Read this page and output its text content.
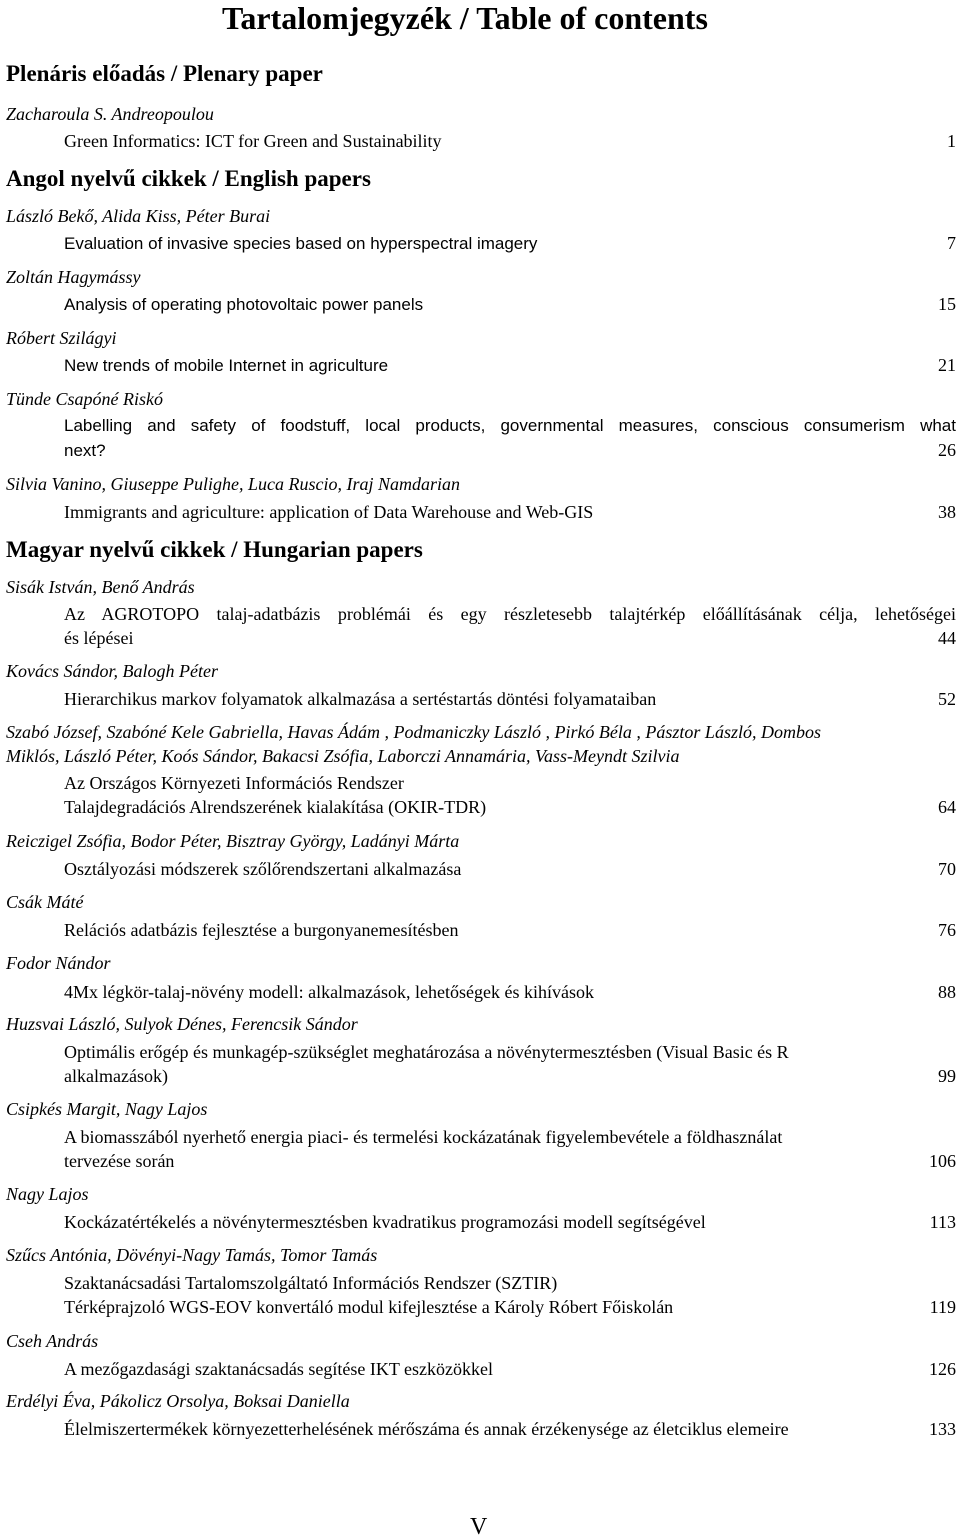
Tartalomjegyzék / Table of contents
Plenáris előadás / Plenary paper
Zacharoula S. Andreopoulou
Green Informatics: ICT for Green and Sustainability	1
Angol nyelvű cikkek / English papers
László Bekő, Alida Kiss, Péter Burai
Evaluation of invasive species based on hyperspectral imagery	7
Zoltán Hagymássy
Analysis of operating photovoltaic power panels	15
Róbert Szilágyi
New trends of mobile Internet in agriculture	21
Tünde Csapóné Riskó
Labelling and safety of foodstuff, local products, governmental measures, conscious consumerism what
next?	26
Silvia Vanino, Giuseppe Pulighe, Luca Ruscio, Iraj Namdarian
Immigrants and agriculture: application of Data Warehouse and Web-GIS	38
Magyar nyelvű cikkek / Hungarian papers
Sisák István, Benő András
Az AGROTOPO talaj-adatbázis problémái és egy részletesebb talajtérkép előállításának célja, lehetőségei
és lépései	44
Kovács Sándor, Balogh Péter
Hierarchikus markov folyamatok alkalmazása a sertéstartás döntési folyamataiban	52
Szabó József, Szabóné Kele Gabriella, Havas Ádám , Podmaniczky László , Pirkó Béla , Pásztor László, Dombos
Miklós, László Péter, Koós Sándor, Bakacsi Zsófia, Laborczi Annamária, Vass-Meyndt Szilvia
Az Országos Környezeti Információs Rendszer
Talajdegradációs Alrendszerének kialakítása (OKIR-TDR)	64
Reiczigel Zsófia, Bodor Péter, Bisztray György, Ladányi Márta
Osztályozási módszerek szőlőrendszertani alkalmazása	70
Csák Máté
Relációs adatbázis fejlesztése a burgonyanemesítésben	76
Fodor Nándor
4Mx légkör-talaj-növény modell: alkalmazások, lehetőségek és kihívások	88
Huzsvai László, Sulyok Dénes, Ferencsik Sándor
Optimális erőgép és munkagép-szükséglet meghatározása a növénytermesztésben (Visual Basic és R
alkalmazások)	99
Csipkés Margit, Nagy Lajos
A biomasszából nyerhető energia piaci- és termelési kockázatának figyelembevétele a földhasználat
tervezése során	106
Nagy Lajos
Kockázatértékelés a növénytermesztésben kvadratikus programozási modell segítségével	113
Szűcs Antónia, Dövényi-Nagy Tamás, Tomor Tamás
Szaktanácsadási Tartalomszolgáltató Információs Rendszer (SZTIR)
Térképrajzoló WGS-EOV konvertáló modul kifejlesztése a Károly Róbert Főiskolán	119
Cseh András
A mezőgazdasági szaktanácsadás segítése IKT eszközökkel	126
Erdélyi Éva, Pákolicz Orsolya, Boksai Daniella
Élelmiszertermékek környezetterhelésének mérőszáma és annak érzékenysége az életciklus elemeire	133
V
